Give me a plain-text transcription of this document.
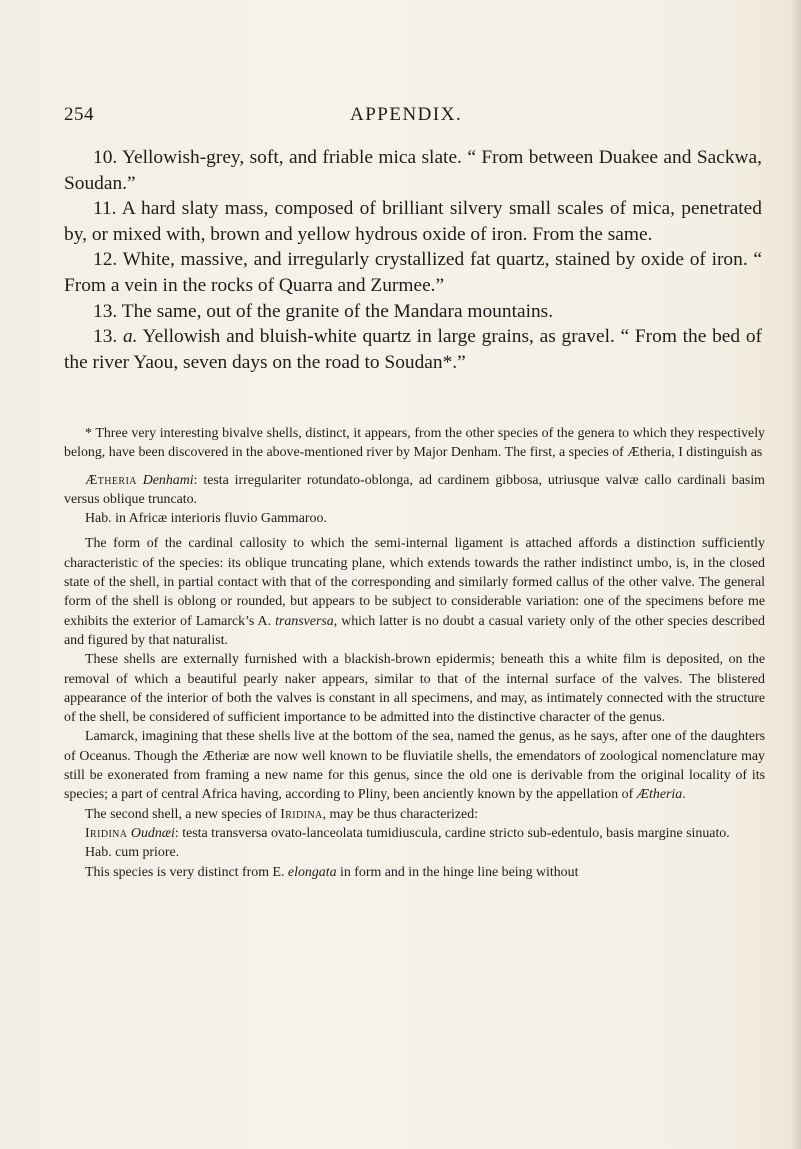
254	APPENDIX.

10. Yellowish-grey, soft, and friable mica slate. “ From between Duakee and Sackwa, Soudan.”

11. A hard slaty mass, composed of brilliant silvery small scales of mica, penetrated by, or mixed with, brown and yellow hydrous oxide of iron. From the same.

12. White, massive, and irregularly crystallized fat quartz, stained by oxide of iron. “ From a vein in the rocks of Quarra and Zurmee.”

13. The same, out of the granite of the Mandara mountains.

13. a. Yellowish and bluish-white quartz in large grains, as gravel. “ From the bed of the river Yaou, seven days on the road to Soudan*.”

* Three very interesting bivalve shells, distinct, it appears, from the other species of the genera to which they respectively belong, have been discovered in the above-mentioned river by Major Denham. The first, a species of Ætheria, I distinguish as

Ætheria Denhami: testa irregulariter rotundato-oblonga, ad cardinem gibbosa, utriusque valvæ callo cardinali basim versus oblique truncato.

Hab. in Africæ interioris fluvio Gammaroo.

The form of the cardinal callosity to which the semi-internal ligament is attached affords a distinction sufficiently characteristic of the species: its oblique truncating plane, which extends towards the rather indistinct umbo, is, in the closed state of the shell, in partial contact with that of the corresponding and similarly formed callus of the other valve. The general form of the shell is oblong or rounded, but appears to be subject to considerable variation: one of the specimens before me exhibits the exterior of Lamarck’s A. transversa, which latter is no doubt a casual variety only of the other species described and figured by that naturalist.

These shells are externally furnished with a blackish-brown epidermis; beneath this a white film is deposited, on the removal of which a beautiful pearly naker appears, similar to that of the internal surface of the valves. The blistered appearance of the interior of both the valves is constant in all specimens, and may, as intimately connected with the structure of the shell, be considered of sufficient importance to be admitted into the distinctive character of the genus.

Lamarck, imagining that these shells live at the bottom of the sea, named the genus, as he says, after one of the daughters of Oceanus. Though the Ætheriæ are now well known to be fluviatile shells, the emendators of zoological nomenclature may still be exonerated from framing a new name for this genus, since the old one is derivable from the original locality of its species; a part of central Africa having, according to Pliny, been anciently known by the appellation of Ætheria.

The second shell, a new species of Iridina, may be thus characterized:

Iridina Oudnæi: testa transversa ovato-lanceolata tumidiuscula, cardine stricto sub-edentulo, basis margine sinuato.

Hab. cum priore.

This species is very distinct from E. elongata in form and in the hinge line being without
